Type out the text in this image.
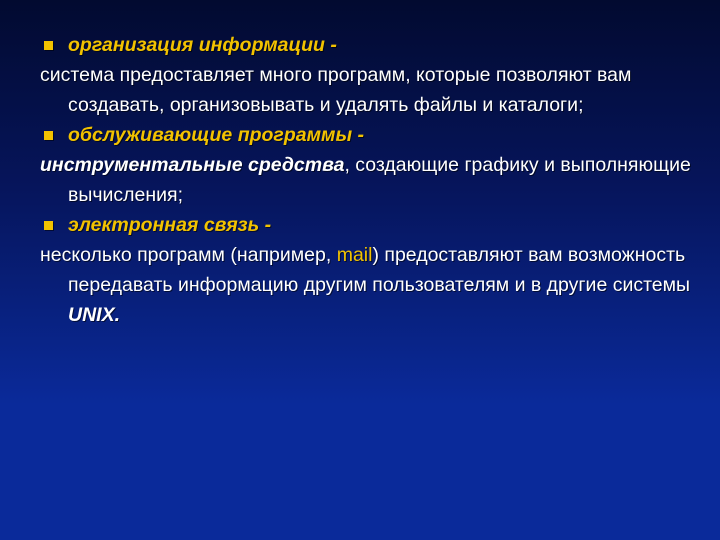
организация информации -

система предоставляет много программ, которые позволяют вам создавать, организовывать и удалять файлы и каталоги;

обслуживающие программы -

инструментальные средства, создающие графику и выполняющие вычисления;

электронная связь -

несколько программ (например, mail) предоставляют вам возможность передавать информацию другим пользователям и в другие системы UNIX.
